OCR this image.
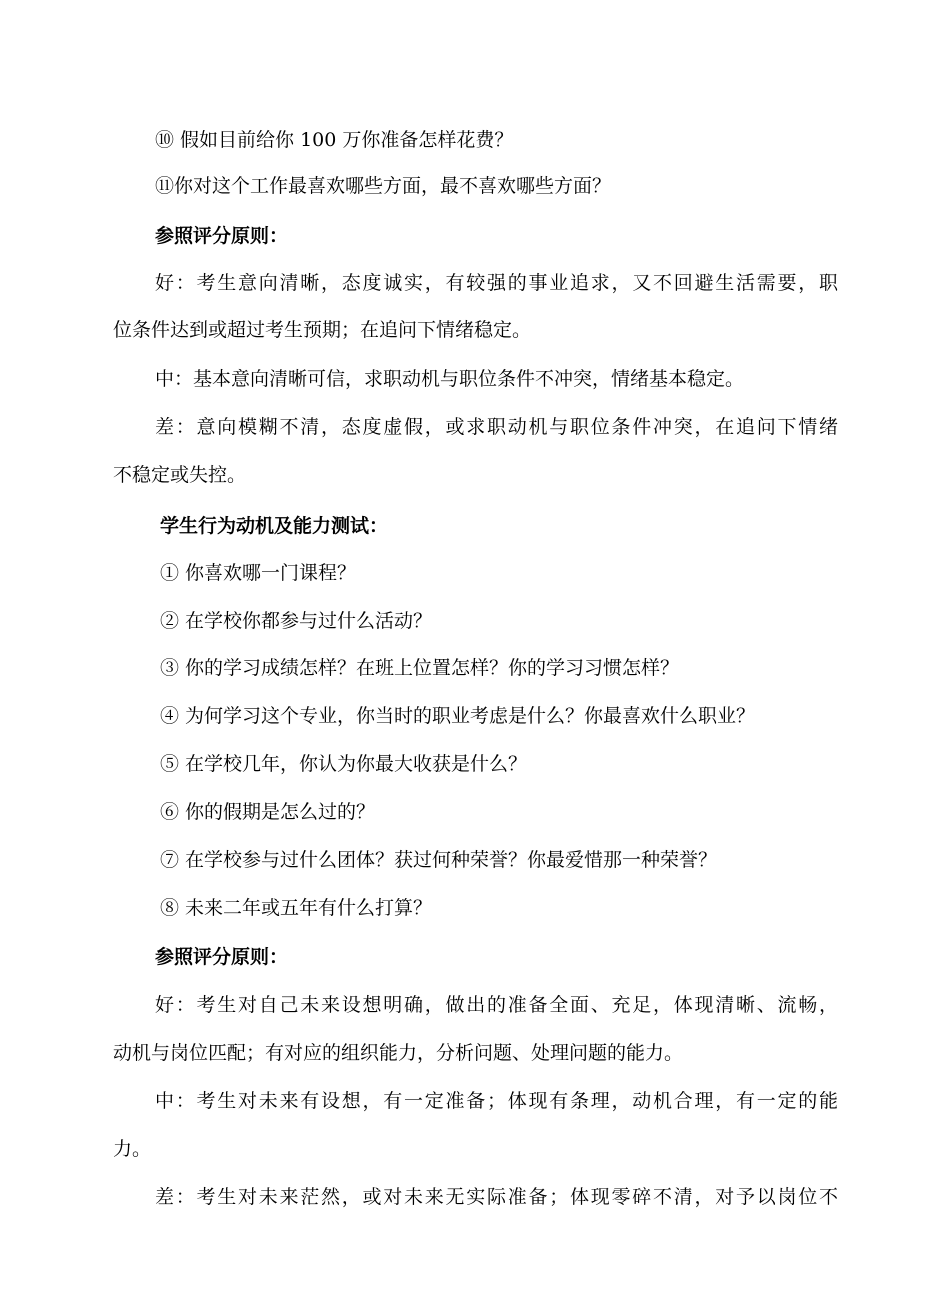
⑩ 假如目前给你 100 万你准备怎样花费？
⑪你对这个工作最喜欢哪些方面，最不喜欢哪些方面？
参照评分原则：
好：考生意向清晰，态度诚实，有较强的事业追求，又不回避生活需要，职
位条件达到或超过考生预期；在追问下情绪稳定。
中：基本意向清晰可信，求职动机与职位条件不冲突，情绪基本稳定。
差：意向模糊不清，态度虚假，或求职动机与职位条件冲突，在追问下情绪
不稳定或失控。
学生行为动机及能力测试：
① 你喜欢哪一门课程？
② 在学校你都参与过什么活动？
③ 你的学习成绩怎样？在班上位置怎样？你的学习习惯怎样？
④ 为何学习这个专业，你当时的职业考虑是什么？你最喜欢什么职业？
⑤ 在学校几年，你认为你最大收获是什么？
⑥ 你的假期是怎么过的？
⑦ 在学校参与过什么团体？获过何种荣誉？你最爱惜那一种荣誉？
⑧ 未来二年或五年有什么打算？
参照评分原则：
好：考生对自己未来设想明确，做出的准备全面、充足，体现清晰、流畅，
动机与岗位匹配；有对应的组织能力，分析问题、处理问题的能力。
中：考生对未来有设想，有一定准备；体现有条理，动机合理，有一定的能
力。
差：考生对未来茫然，或对未来无实际准备；体现零碎不清，对予以岗位不
